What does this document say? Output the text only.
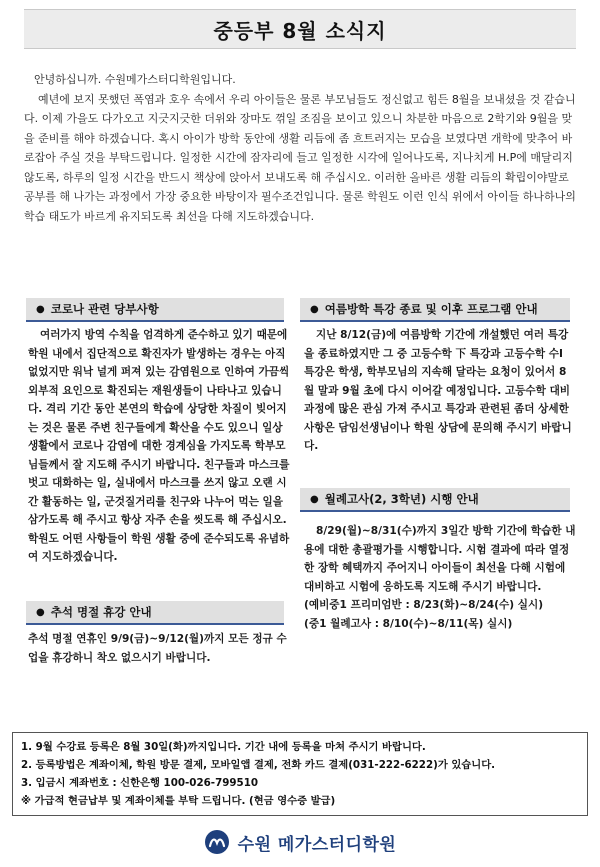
중등부 8월 소식지

안녕하십니까. 수원메가스터디학원입니다.

예년에 보지 못했던 폭염과 호우 속에서 우리 아이들은 물론 부모님들도 정신없고 힘든 8월을 보내셨을 것 같습니다. 이제 가을도 다가오고 지긋지긋한 더위와 장마도 꺾일 조짐을 보이고 있으니 차분한 마음으로 2학기와 9월을 맞을 준비를 해야 하겠습니다. 혹시 아이가 방학 동안에 생활 리듬에 좀 흐트러지는 모습을 보였다면 개학에 맞추어 바로잡아 주실 것을 부탁드립니다. 일정한 시간에 잠자리에 들고 일정한 시각에 일어나도록, 지나치게 H.P에 매달리지 않도록, 하루의 일정 시간을 반드시 책상에 앉아서 보내도록 해 주십시오. 이러한 올바른 생활 리듬의 확립이야말로 공부를 해 나가는 과정에서 가장 중요한 바탕이자 필수조건입니다. 물론 학원도 이런 인식 위에서 아이들 하나하나의 학습 태도가 바르게 유지되도록 최선을 다해 지도하겠습니다.

● 코로나 관련 당부사항

여러가지 방역 수칙을 엄격하게 준수하고 있기 때문에 학원 내에서 집단적으로 확진자가 발생하는 경우는 아직 없었지만 워낙 널게 퍼져 있는 감염원으로 인하여 가끔씩 외부적 요인으로 확진되는 재원생들이 나타나고 있습니다. 격리 기간 동안 본연의 학습에 상당한 차질이 빚어지는 것은 물론 주변 친구들에게 확산을 수도 있으니 일상 생활에서 코로나 감염에 대한 경계심을 가지도록 학부모님들께서 잘 지도해 주시기 바랍니다. 친구들과 마스크를 벗고 대화하는 일, 실내에서 마스크를 쓰지 않고 오랜 시간 활동하는 일, 군것질거리를 친구와 나누어 먹는 일을 삼가도록 해 주시고 항상 자주 손을 씻도록 해 주십시오. 학원도 어떤 사항들이 학원 생활 중에 준수되도록 유념하여 지도하겠습니다.

● 추석 명절 휴강 안내

추석 명절 연휴인 9/9(금)~9/12(월)까지 모든 정규 수업을 휴강하니 착오 없으시기 바랍니다.

● 여름방학 특강 종료 및 이후 프로그램 안내

지난 8/12(금)에 여름방학 기간에 개설했던 여러 특강을 종료하였지만 그 중 고등수학 下 특강과 고등수학 수I 특강은 학생, 학부모님의 지속해 달라는 요청이 있어서 8월 말과 9월 초에 다시 이어갈 예정입니다. 고등수학 대비 과정에 많은 관심 가져 주시고 특강과 관련된 좀더 상세한 사항은 담임선생님이나 학원 상담에 문의해 주시기 바랍니다.

● 월례고사(2, 3학년) 시행 안내

8/29(월)~8/31(수)까지 3일간 방학 기간에 학습한 내용에 대한 총괄평가를 시행합니다. 시험 결과에 따라 열정한 장학 혜택까지 주어지니 아이들이 최선을 다해 시험에 대비하고 시험에 응하도록 지도해 주시기 바랍니다.

(예비중1 프리미엄반 : 8/23(화)~8/24(수) 실시)

(중1 월례고사 : 8/10(수)~8/11(목) 실시)

1. 9월 수강료 등록은 8월 30일(화)까지입니다. 기간 내에 등록을 마쳐 주시기 바랍니다.

2. 등록방법은 계좌이체, 학원 방문 결제, 모바일앱 결제, 전화 카드 결제(031-222-6222)가 있습니다.

3. 입금시 계좌번호 : 신한은행 100-026-799510

※ 가급적 현금납부 및 계좌이체를 부탁 드립니다. (현금 영수증 발급)

수원 메가스터디학원
